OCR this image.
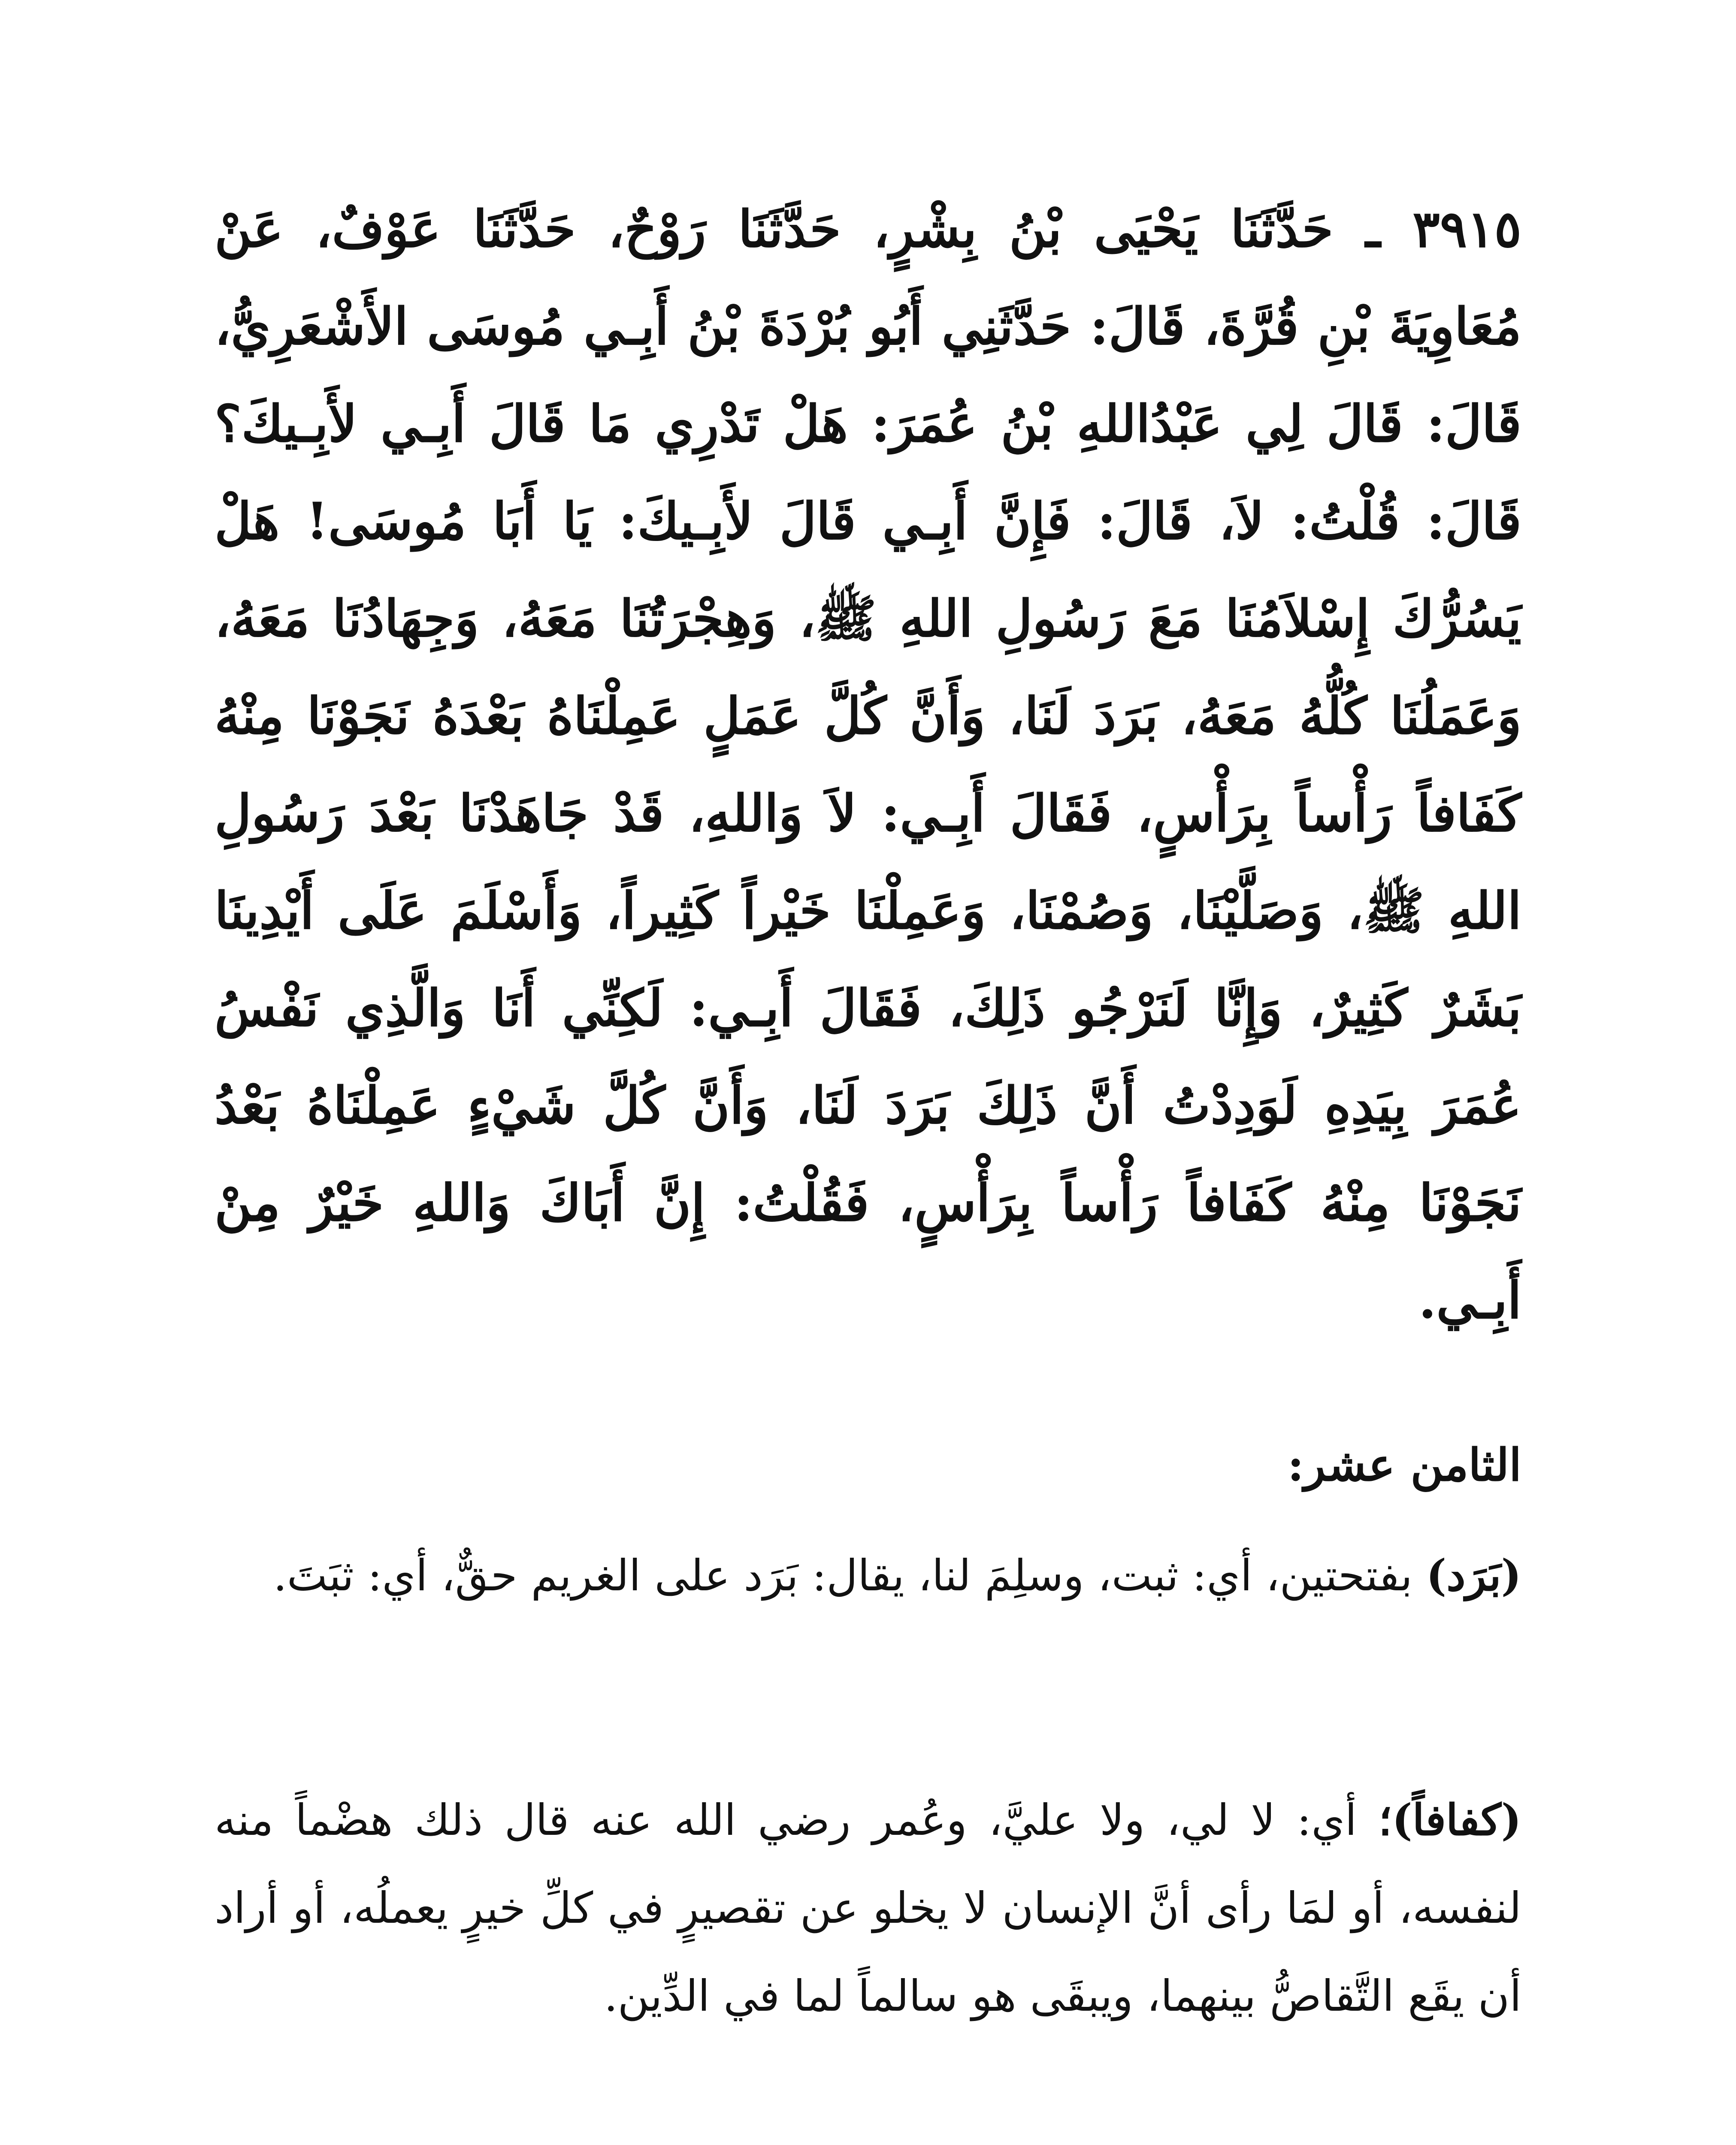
٣٩١٥ ـ حَدَّثَنَا يَحْيَى بْنُ بِشْرٍ، حَدَّثَنَا رَوْحٌ، حَدَّثَنَا عَوْفٌ، عَنْ مُعَاوِيَةَ بْنِ قُرَّةَ، قَالَ: حَدَّثَنِي أَبُو بُرْدَةَ بْنُ أَبِـي مُوسَى الأَشْعَرِيُّ، قَالَ: قَالَ لِي عَبْدُاللهِ بْنُ عُمَرَ: هَلْ تَدْرِي مَا قَالَ أَبِـي لأَبِـيكَ؟ قَالَ: قُلْتُ: لاَ، قَالَ: فَإِنَّ أَبِـي قَالَ لأَبِـيكَ: يَا أَبَا مُوسَى! هَلْ يَسُرُّكَ إِسْلاَمُنَا مَعَ رَسُولِ اللهِ ﷺ، وَهِجْرَتُنَا مَعَهُ، وَجِهَادُنَا مَعَهُ، وَعَمَلُنَا كُلُّهُ مَعَهُ، بَرَدَ لَنَا، وَأَنَّ كُلَّ عَمَلٍ عَمِلْنَاهُ بَعْدَهُ نَجَوْنَا مِنْهُ كَفَافاً رَأْساً بِرَأْسٍ، فَقَالَ أَبِـي: لاَ وَاللهِ، قَدْ جَاهَدْنَا بَعْدَ رَسُولِ اللهِ ﷺ، وَصَلَّيْنَا، وَصُمْنَا، وَعَمِلْنَا خَيْراً كَثِيراً، وَأَسْلَمَ عَلَى أَيْدِينَا بَشَرٌ كَثِيرٌ، وَإِنَّا لَنَرْجُو ذَلِكَ، فَقَالَ أَبِـي: لَكِنِّي أَنَا وَالَّذِي نَفْسُ عُمَرَ بِيَدِهِ لَوَدِدْتُ أَنَّ ذَلِكَ بَرَدَ لَنَا، وَأَنَّ كُلَّ شَيْءٍ عَمِلْنَاهُ بَعْدُ نَجَوْنَا مِنْهُ كَفَافاً رَأْساً بِرَأْسٍ، فَقُلْتُ: إِنَّ أَبَاكَ وَاللهِ خَيْرٌ مِنْ أَبِـي.

الثامن عشر:

(بَرَد) بفتحتين، أي: ثبت، وسلِمَ لنا، يقال: بَرَد على الغريم حقٌّ، أي: ثبَتَ.

(كفافاً)؛ أي: لا لي، ولا عليَّ، وعُمر رضي الله عنه قال ذلك هضْماً منه لنفسه، أو لمَا رأى أنَّ الإنسان لا يخلو عن تقصيرٍ في كلِّ خيرٍ يعملُه، أو أراد أن يقَع التَّقاصُّ بينهما، ويبقَى هو سالماً لما في الدِّين.
